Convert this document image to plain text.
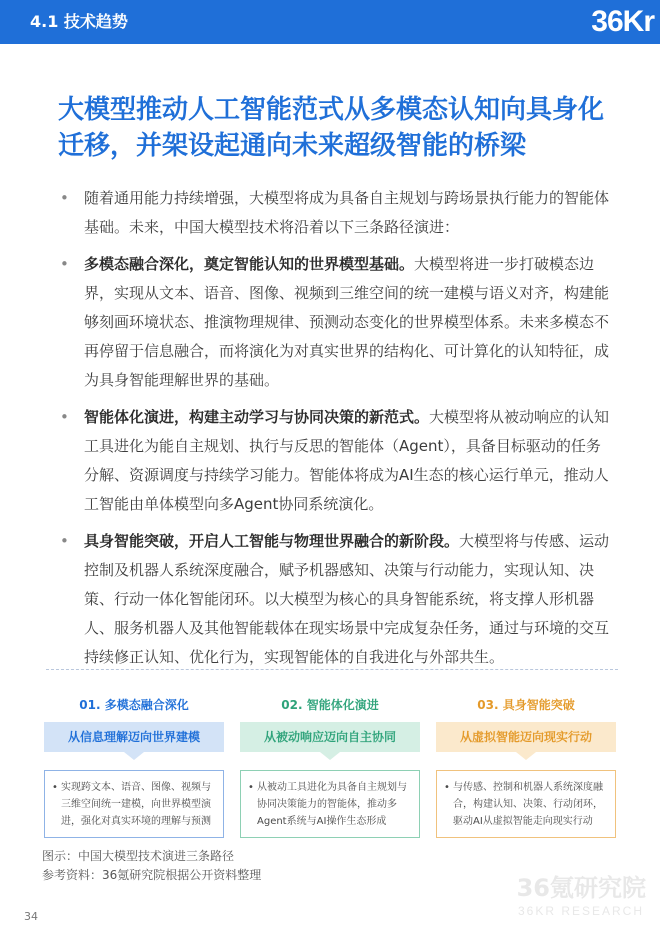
4.1 技术趋势	36Kr
大模型推动人工智能范式从多模态认知向具身化迁移，并架设起通向未来超级智能的桥梁
• 随着通用能力持续增强，大模型将成为具备自主规划与跨场景执行能力的智能体基础。未来，中国大模型技术将沿着以下三条路径演进：
• 多模态融合深化，奠定智能认知的世界模型基础。大模型将进一步打破模态边界，实现从文本、语音、图像、视频到三维空间的统一建模与语义对齐，构建能够刻画环境状态、推演物理规律、预测动态变化的世界模型体系。未来多模态不再停留于信息融合，而将演化为对真实世界的结构化、可计算化的认知特征，成为具身智能理解世界的基础。
• 智能体化演进，构建主动学习与协同决策的新范式。大模型将从被动响应的认知工具进化为能自主规划、执行与反思的智能体（Agent），具备目标驱动的任务分解、资源调度与持续学习能力。智能体将成为AI生态的核心运行单元，推动人工智能由单体模型向多Agent协同系统演化。
• 具身智能突破，开启人工智能与物理世界融合的新阶段。大模型将与传感、运动控制及机器人系统深度融合，赋予机器感知、决策与行动能力，实现认知、决策、行动一体化智能闭环。以大模型为核心的具身智能系统，将支撑人形机器人、服务机器人及其他智能载体在现实场景中完成复杂任务，通过与环境的交互持续修正认知、优化行为，实现智能体的自我进化与外部共生。
01. 多模态融合深化
从信息理解迈向世界建模
• 实现跨文本、语音、图像、视频与三维空间统一建模，向世界模型演进，强化对真实环境的理解与预测
02. 智能体化演进
从被动响应迈向自主协同
• 从被动工具进化为具备自主规划与协同决策能力的智能体，推动多Agent系统与AI操作生态形成
03. 具身智能突破
从虚拟智能迈向现实行动
• 与传感、控制和机器人系统深度融合，构建认知、决策、行动闭环，驱动AI从虚拟智能走向现实行动
图示：中国大模型技术演进三条路径
参考资料：36氪研究院根据公开资料整理	36氪研究院
36KR RESEARCH
34
